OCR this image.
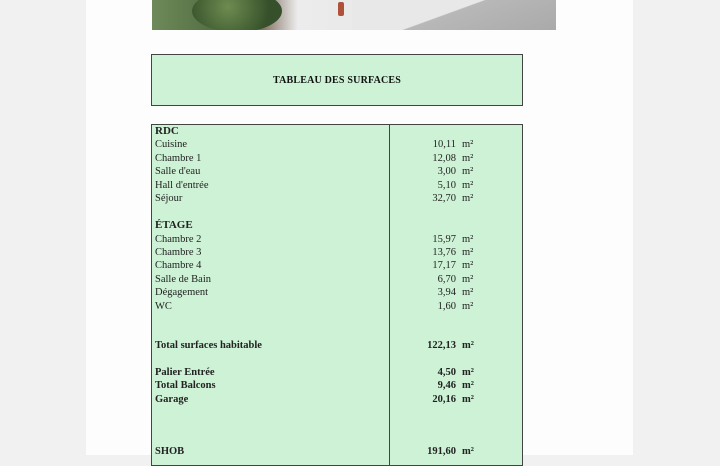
TABLEAU DES SURFACES
RDC
Cuisine	10,11 m²
Chambre 1	12,08 m²
Salle d'eau	3,00 m²
Hall d'entrée	5,10 m²
Séjour	32,70 m²
ÉTAGE
Chambre 2	15,97 m²
Chambre 3	13,76 m²
Chambre 4	17,17 m²
Salle de Bain	6,70 m²
Dégagement	3,94 m²
WC	1,60 m²
Total surfaces habitable	122,13 m²
Palier Entrée	4,50 m²
Total Balcons	9,46 m²
Garage	20,16 m²
SHOB	191,60 m²
